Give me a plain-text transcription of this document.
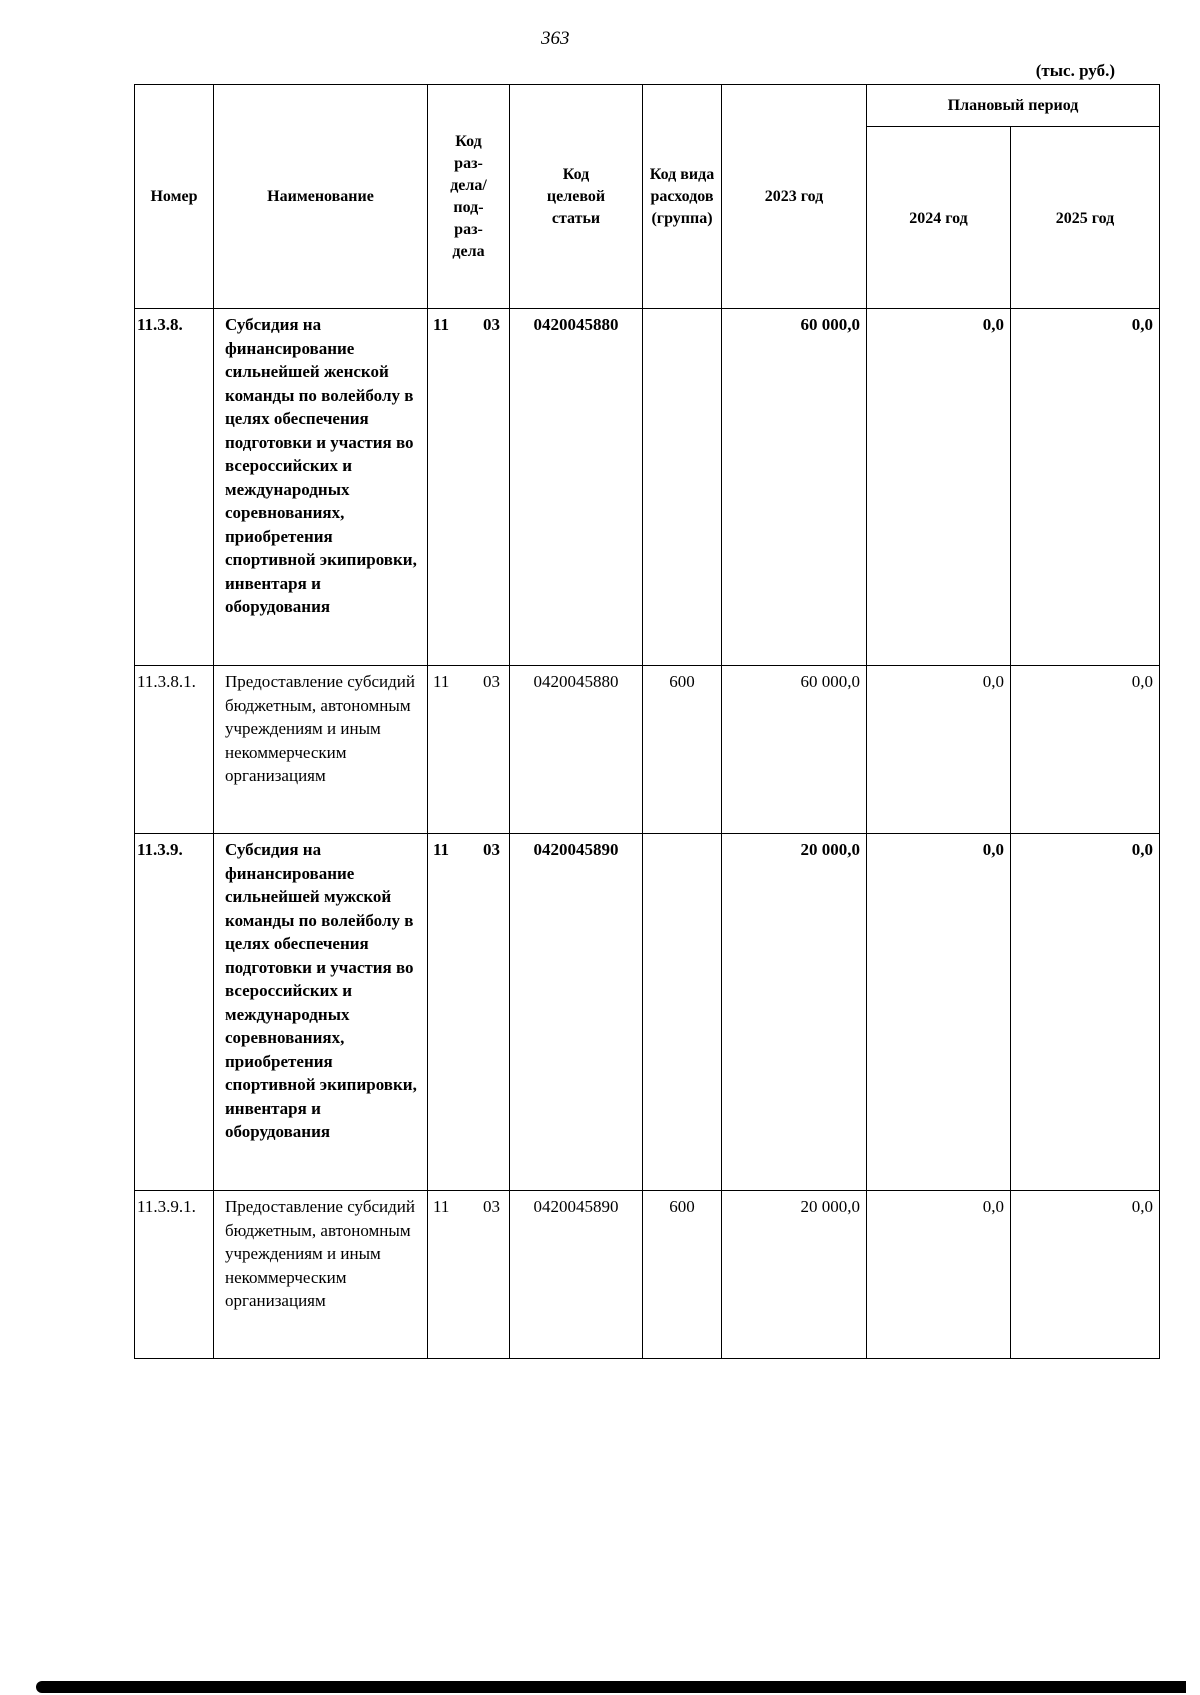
363
(тыс. руб.)
Номер	Наименование	Код раз-дела/ под-раз-дела	Код целевой статьи	Код вида расходов (группа)	2023 год	Плановый период	
						2024 год	2025 год
11.3.8.	Субсидия на финансирование сильнейшей женской команды по волейболу в целях обеспечения подготовки и участия во всероссийских и международных соревнованиях, приобретения спортивной экипировки, инвентаря и оборудования	11 03	0420045880		60 000,0	0,0	0,0
11.3.8.1.	Предоставление субсидий бюджетным, автономным учреждениям и иным некоммерческим организациям	11 03	0420045880	600	60 000,0	0,0	0,0
11.3.9.	Субсидия на финансирование сильнейшей мужской команды по волейболу в целях обеспечения подготовки и участия во всероссийских и международных соревнованиях, приобретения спортивной экипировки, инвентаря и оборудования	11 03	0420045890		20 000,0	0,0	0,0
11.3.9.1.	Предоставление субсидий бюджетным, автономным учреждениям и иным некоммерческим организациям	11 03	0420045890	600	20 000,0	0,0	0,0
